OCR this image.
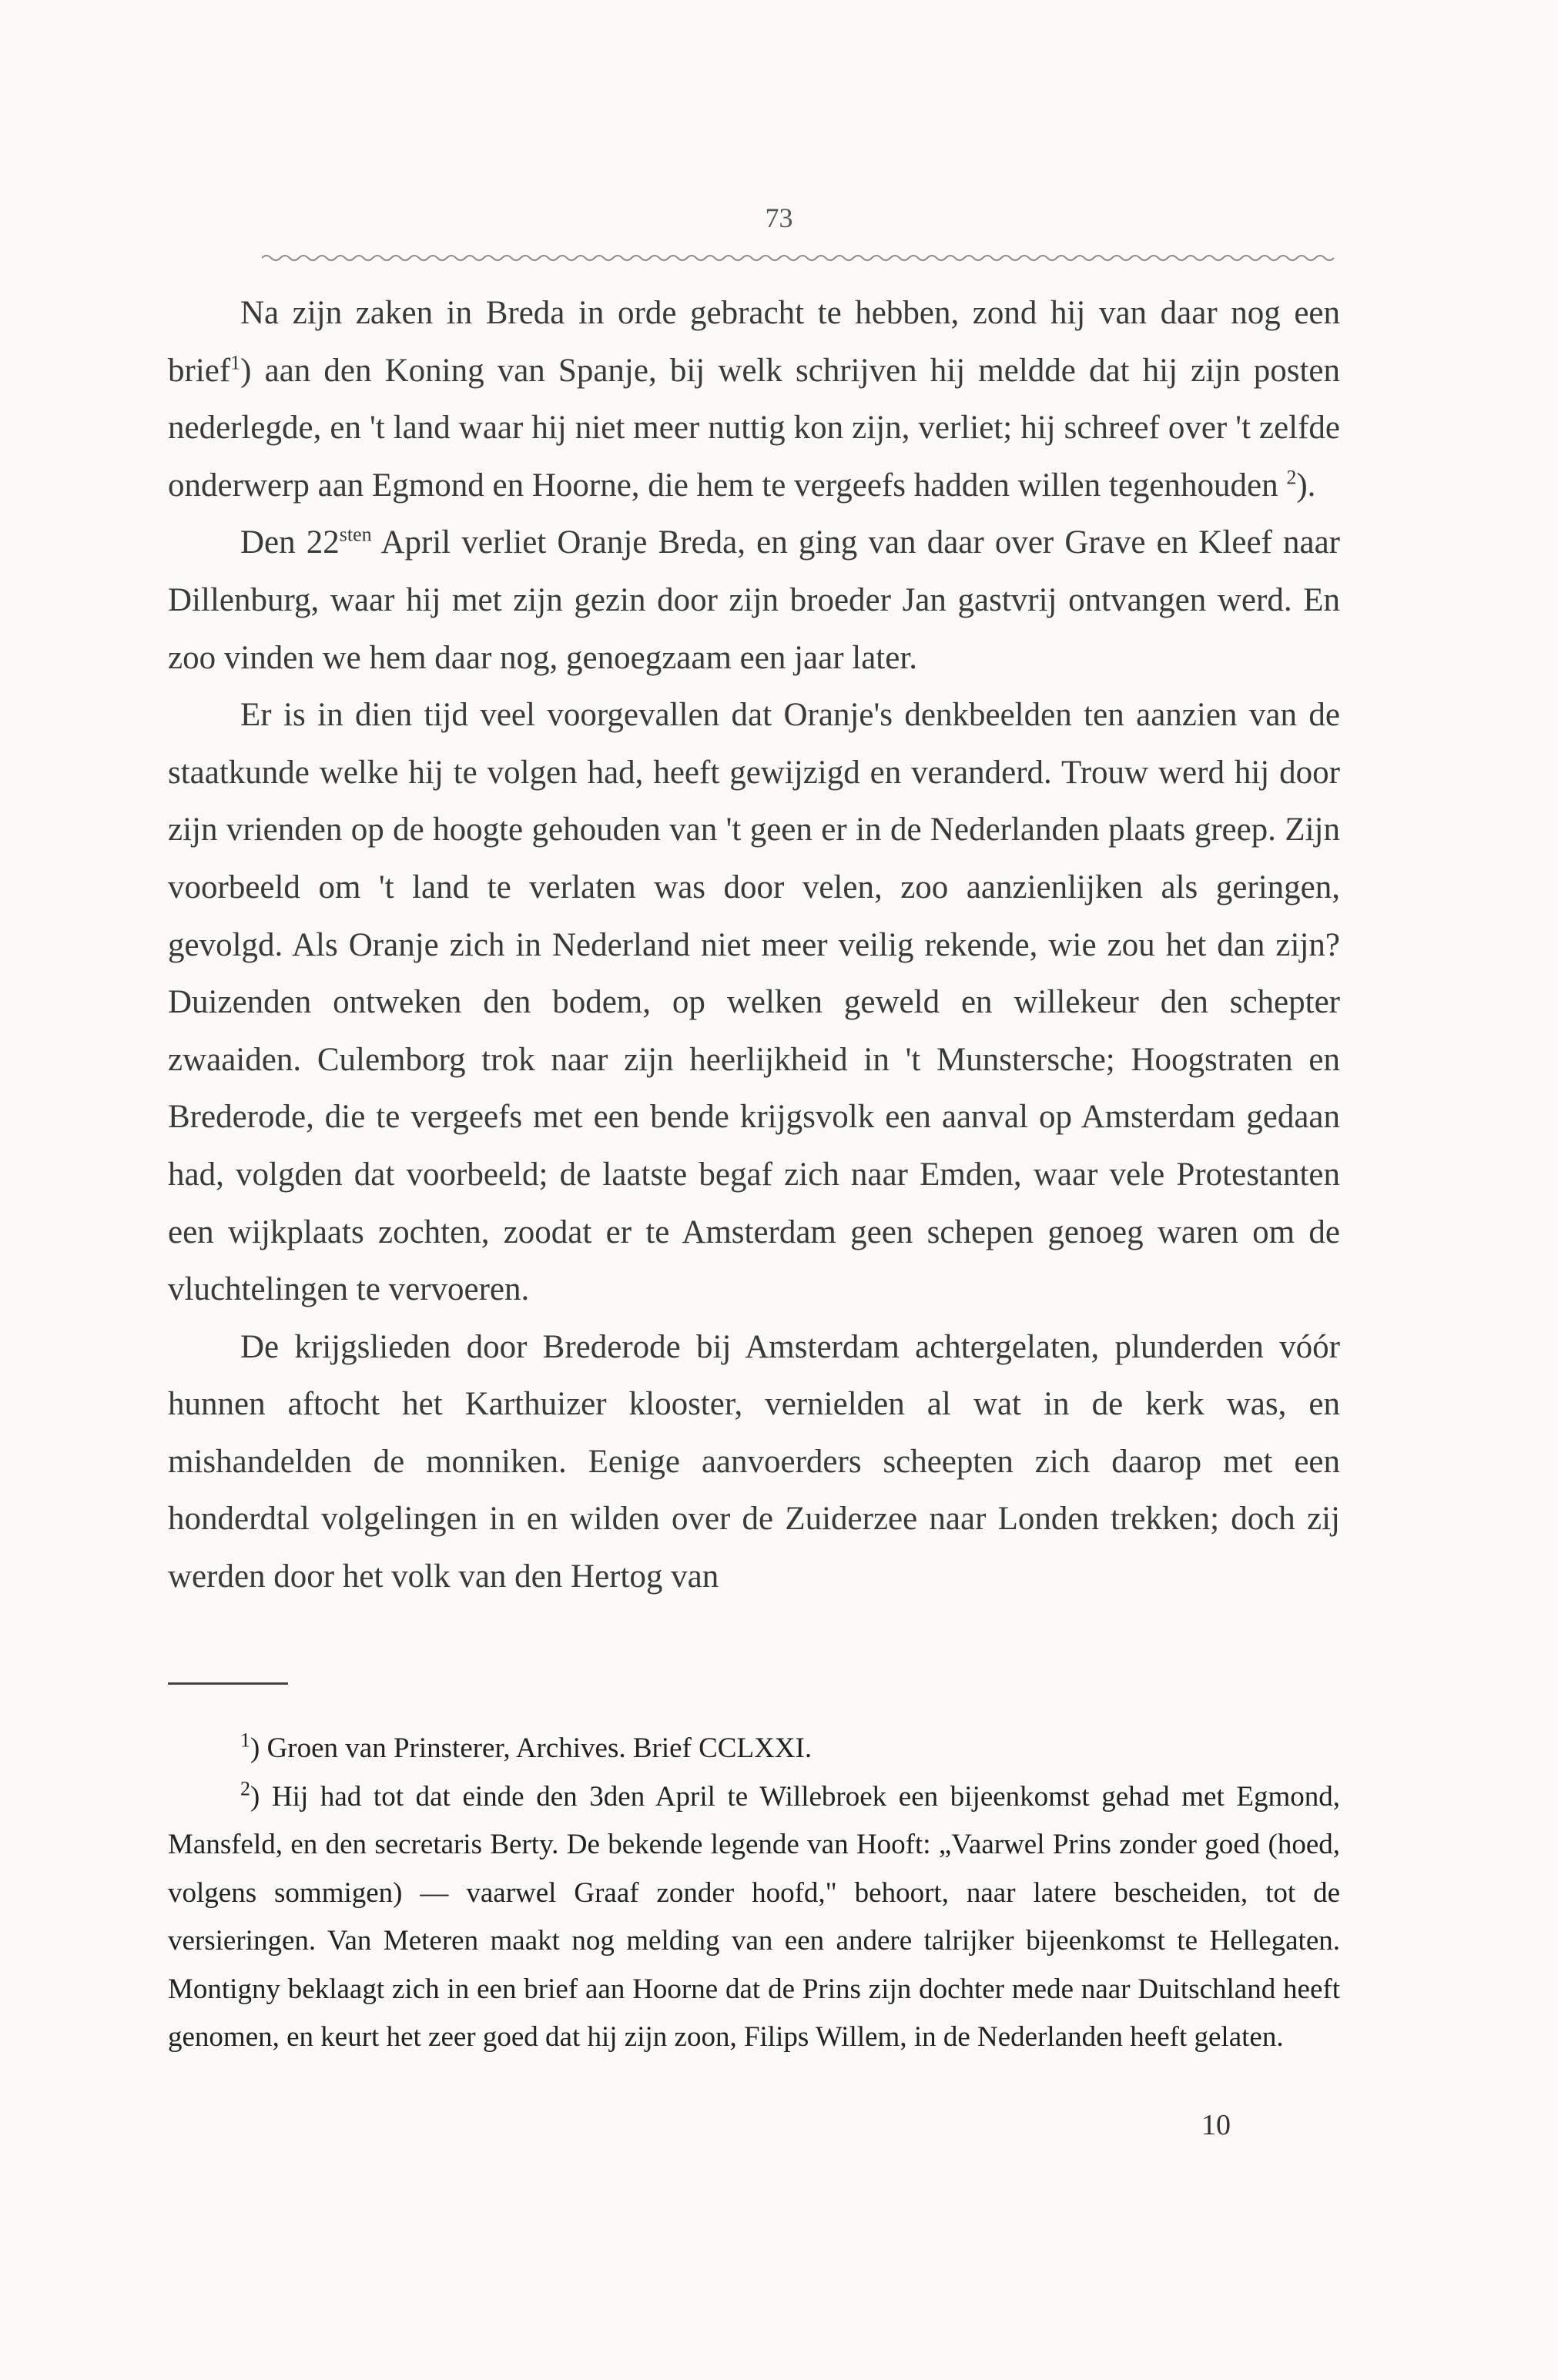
73

Na zijn zaken in Breda in orde gebracht te hebben, zond hij van daar nog een brief$^1$) aan den Koning van Spanje, bij welk schrijven hij meldde dat hij zijn posten nederlegde, en 't land waar hij niet meer nuttig kon zijn, verliet; hij schreef over 't zelfde onderwerp aan Egmond en Hoorne, die hem te vergeefs hadden willen tegenhouden $^2$).

Den $22^{sten}$ April verliet Oranje Breda, en ging van daar over Grave en Kleef naar Dillenburg, waar hij met zijn gezin door zijn broeder Jan gastvrij ontvangen werd. En zoo vinden we hem daar nog, genoegzaam een jaar later.

Er is in dien tijd veel voorgevallen dat Oranje's denkbeelden ten aanzien van de staatkunde welke hij te volgen had, heeft gewijzigd en veranderd. Trouw werd hij door zijn vrienden op de hoogte gehouden van 't geen er in de Nederlanden plaats greep. Zijn voorbeeld om 't land te verlaten was door velen, zoo aanzienlijken als geringen, gevolgd. Als Oranje zich in Nederland niet meer veilig rekende, wie zou het dan zijn? Duizenden ontweken den bodem, op welken geweld en willekeur den schepter zwaaiden. Culemborg trok naar zijn heerlijkheid in 't Munstersche; Hoogstraten en Brederode, die te vergeefs met een bende krijgsvolk een aanval op Amsterdam gedaan had, volgden dat voorbeeld; de laatste begaf zich naar Emden, waar vele Protestanten een wijkplaats zochten, zoodat er te Amsterdam geen schepen genoeg waren om de vluchtelingen te vervoeren.

De krijgslieden door Brederode bij Amsterdam achtergelaten, plunderden vóór hunnen aftocht het Karthuizer klooster, vernielden al wat in de kerk was, en mishandelden de monniken. Eenige aanvoerders scheepten zich daarop met een honderdtal volgelingen in en wilden over de Zuiderzee naar Londen trekken; doch zij werden door het volk van den Hertog van

$^1$) Groen van Prinsterer, Archives. Brief CCLXXI.

$^2$) Hij had tot dat einde den 3den April te Willebroek een bijeenkomst gehad met Egmond, Mansfeld, en den secretaris Berty. De bekende legende van Hooft: „Vaarwel Prins zonder goed (hoed, volgens sommigen) — vaarwel Graaf zonder hoofd," behoort, naar latere bescheiden, tot de versieringen. Van Meteren maakt nog melding van een andere talrijker bijeenkomst te Hellegaten. Montigny beklaagt zich in een brief aan Hoorne dat de Prins zijn dochter mede naar Duitschland heeft genomen, en keurt het zeer goed dat hij zijn zoon, Filips Willem, in de Nederlanden heeft gelaten.

10
